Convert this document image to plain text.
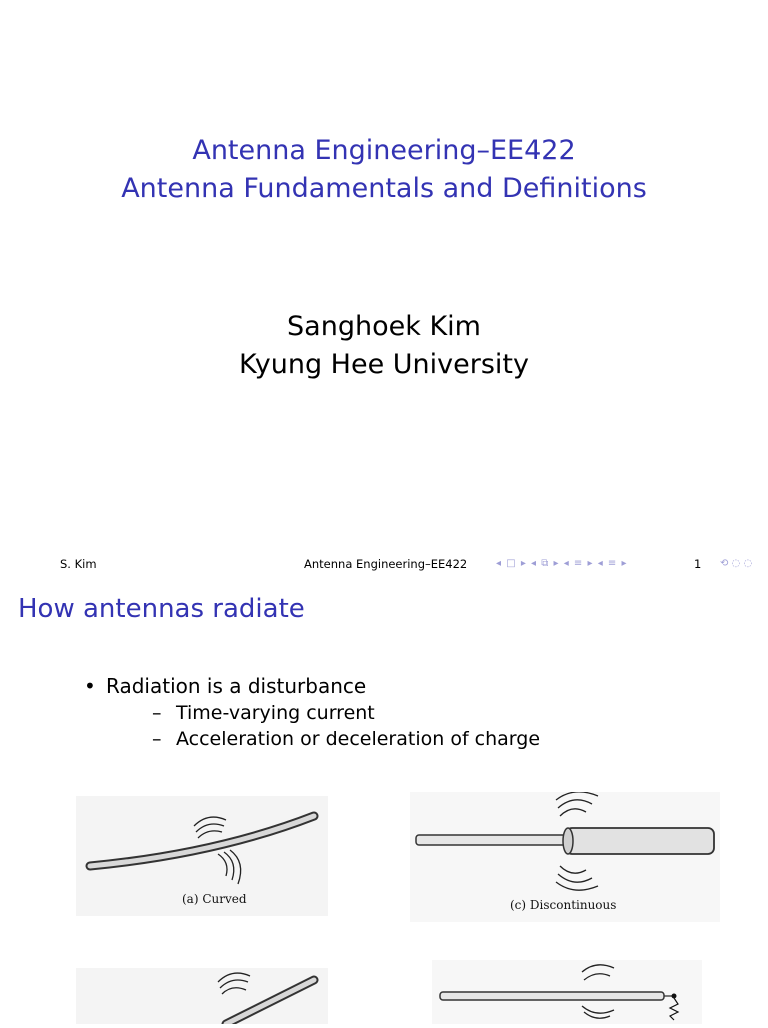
Antenna Engineering–EE422
Antenna Fundamentals and Definitions
Sanghoek Kim
Kyung Hee University
S. Kim	Antenna Engineering–EE422	◂ □ ▸ ◂ ⧉ ▸ ◂ ≡ ▸ ◂ ≡ ▸	1 ⟲ ◌ ◌
How antennas radiate
• Radiation is a disturbance
– Time-varying current
– Acceleration or deceleration of charge
(a) Curved	(c) Discontinuous
